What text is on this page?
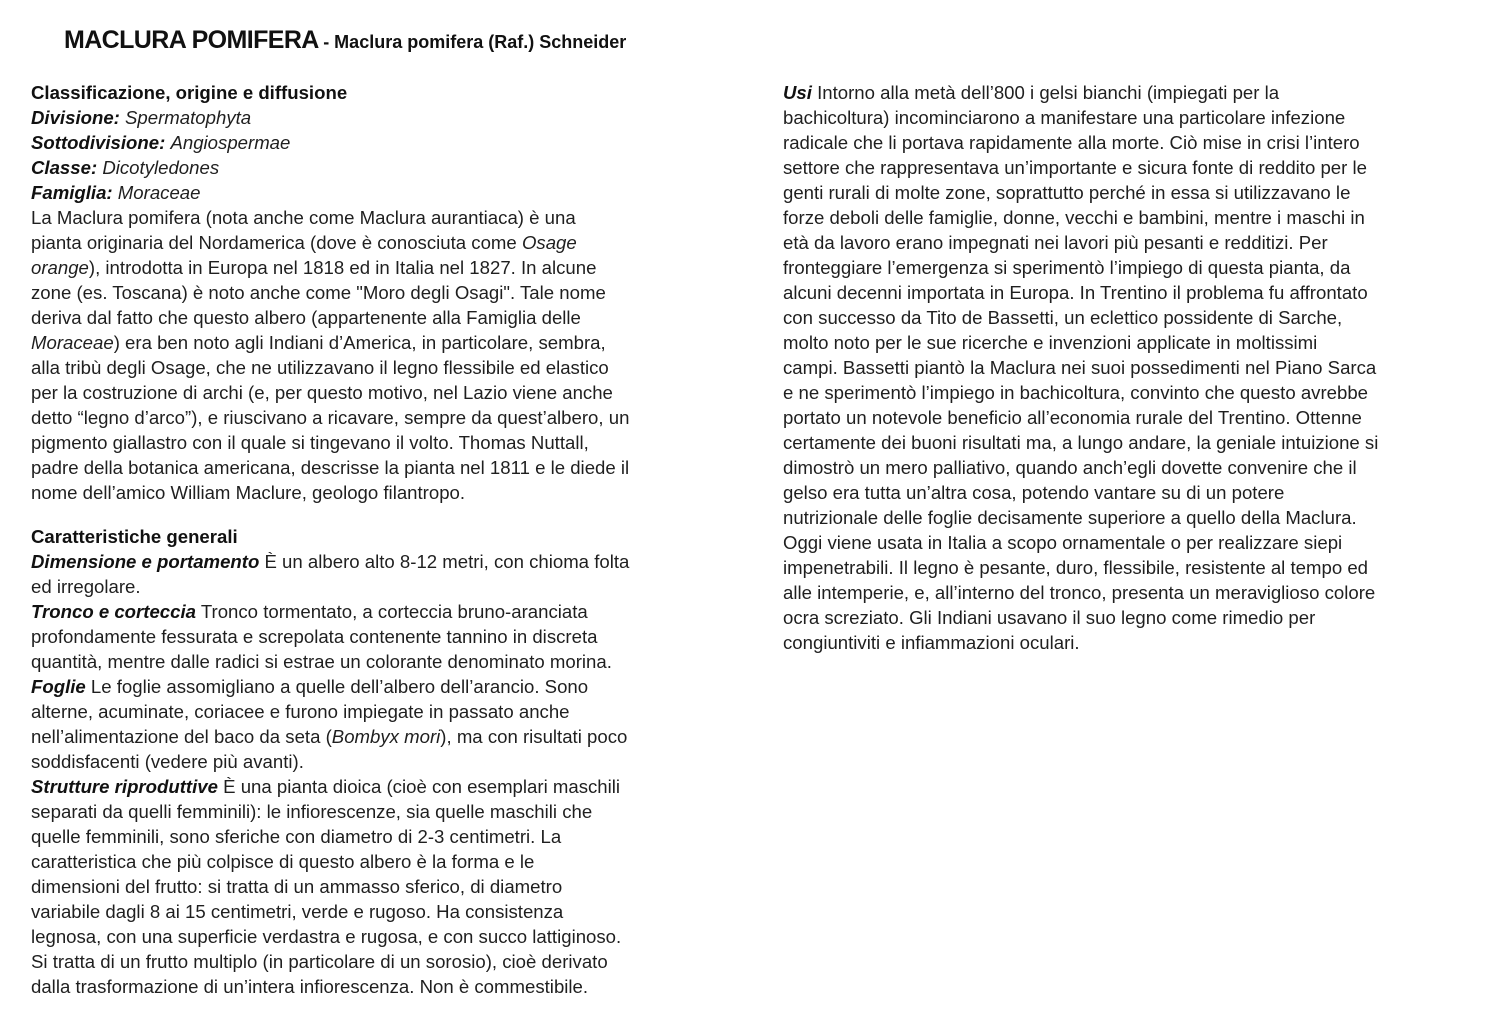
MACLURA POMIFERA - Maclura pomifera (Raf.) Schneider
Classificazione, origine e diffusione
Divisione: Spermatophyta
Sottodivisione: Angiospermae
Classe: Dicotyledones
Famiglia: Moraceae
La Maclura pomifera (nota anche come Maclura aurantiaca) è una
pianta originaria del Nordamerica (dove è conosciuta come Osage
orange), introdotta in Europa nel 1818 ed in Italia nel 1827. In alcune
zone (es. Toscana) è noto anche come "Moro degli Osagi". Tale nome
deriva dal fatto che questo albero (appartenente alla Famiglia delle
Moraceae) era ben noto agli Indiani d’America, in particolare, sembra,
alla tribù degli Osage, che ne utilizzavano il legno flessibile ed elastico
per la costruzione di archi (e, per questo motivo, nel Lazio viene anche
detto “legno d’arco”), e riuscivano a ricavare, sempre da quest’albero, un
pigmento giallastro con il quale si tingevano il volto. Thomas Nuttall,
padre della botanica americana, descrisse la pianta nel 1811 e le diede il
nome dell’amico William Maclure, geologo filantropo.
Caratteristiche generali
Dimensione e portamento È un albero alto 8-12 metri, con chioma folta
ed irregolare.
Tronco e corteccia Tronco tormentato, a corteccia bruno-aranciata
profondamente fessurata e screpolata contenente tannino in discreta
quantità, mentre dalle radici si estrae un colorante denominato morina.
Foglie Le foglie assomigliano a quelle dell’albero dell’arancio. Sono
alterne, acuminate, coriacee e furono impiegate in passato anche
nell’alimentazione del baco da seta (Bombyx mori), ma con risultati poco
soddisfacenti (vedere più avanti).
Strutture riproduttive È una pianta dioica (cioè con esemplari maschili
separati da quelli femminili): le infiorescenze, sia quelle maschili che
quelle femminili, sono sferiche con diametro di 2-3 centimetri. La
caratteristica che più colpisce di questo albero è la forma e le
dimensioni del frutto: si tratta di un ammasso sferico, di diametro
variabile dagli 8 ai 15 centimetri, verde e rugoso. Ha consistenza
legnosa, con una superficie verdastra e rugosa, e con succo lattiginoso.
Si tratta di un frutto multiplo (in particolare di un sorosio), cioè derivato
dalla trasformazione di un’intera infiorescenza. Non è commestibile.
Usi Intorno alla metà dell’800 i gelsi bianchi (impiegati per la
bachicoltura) incominciarono a manifestare una particolare infezione
radicale che li portava rapidamente alla morte. Ciò mise in crisi l’intero
settore che rappresentava un’importante e sicura fonte di reddito per le
genti rurali di molte zone, soprattutto perché in essa si utilizzavano le
forze deboli delle famiglie, donne, vecchi e bambini, mentre i maschi in
età da lavoro erano impegnati nei lavori più pesanti e redditizi. Per
fronteggiare l’emergenza si sperimentò l’impiego di questa pianta, da
alcuni decenni importata in Europa. In Trentino il problema fu affrontato
con successo da Tito de Bassetti, un eclettico possidente di Sarche,
molto noto per le sue ricerche e invenzioni applicate in moltissimi
campi. Bassetti piantò la Maclura nei suoi possedimenti nel Piano Sarca
e ne sperimentò l’impiego in bachicoltura, convinto che questo avrebbe
portato un notevole beneficio all’economia rurale del Trentino. Ottenne
certamente dei buoni risultati ma, a lungo andare, la geniale intuizione si
dimostrò un mero palliativo, quando anch’egli dovette convenire che il
gelso era tutta un’altra cosa, potendo vantare su di un potere
nutrizionale delle foglie decisamente superiore a quello della Maclura.
Oggi viene usata in Italia a scopo ornamentale o per realizzare siepi
impenetrabili. Il legno è pesante, duro, flessibile, resistente al tempo ed
alle intemperie, e, all’interno del tronco, presenta un meraviglioso colore
ocra screziato. Gli Indiani usavano il suo legno come rimedio per
congiuntiviti e infiammazioni oculari.
